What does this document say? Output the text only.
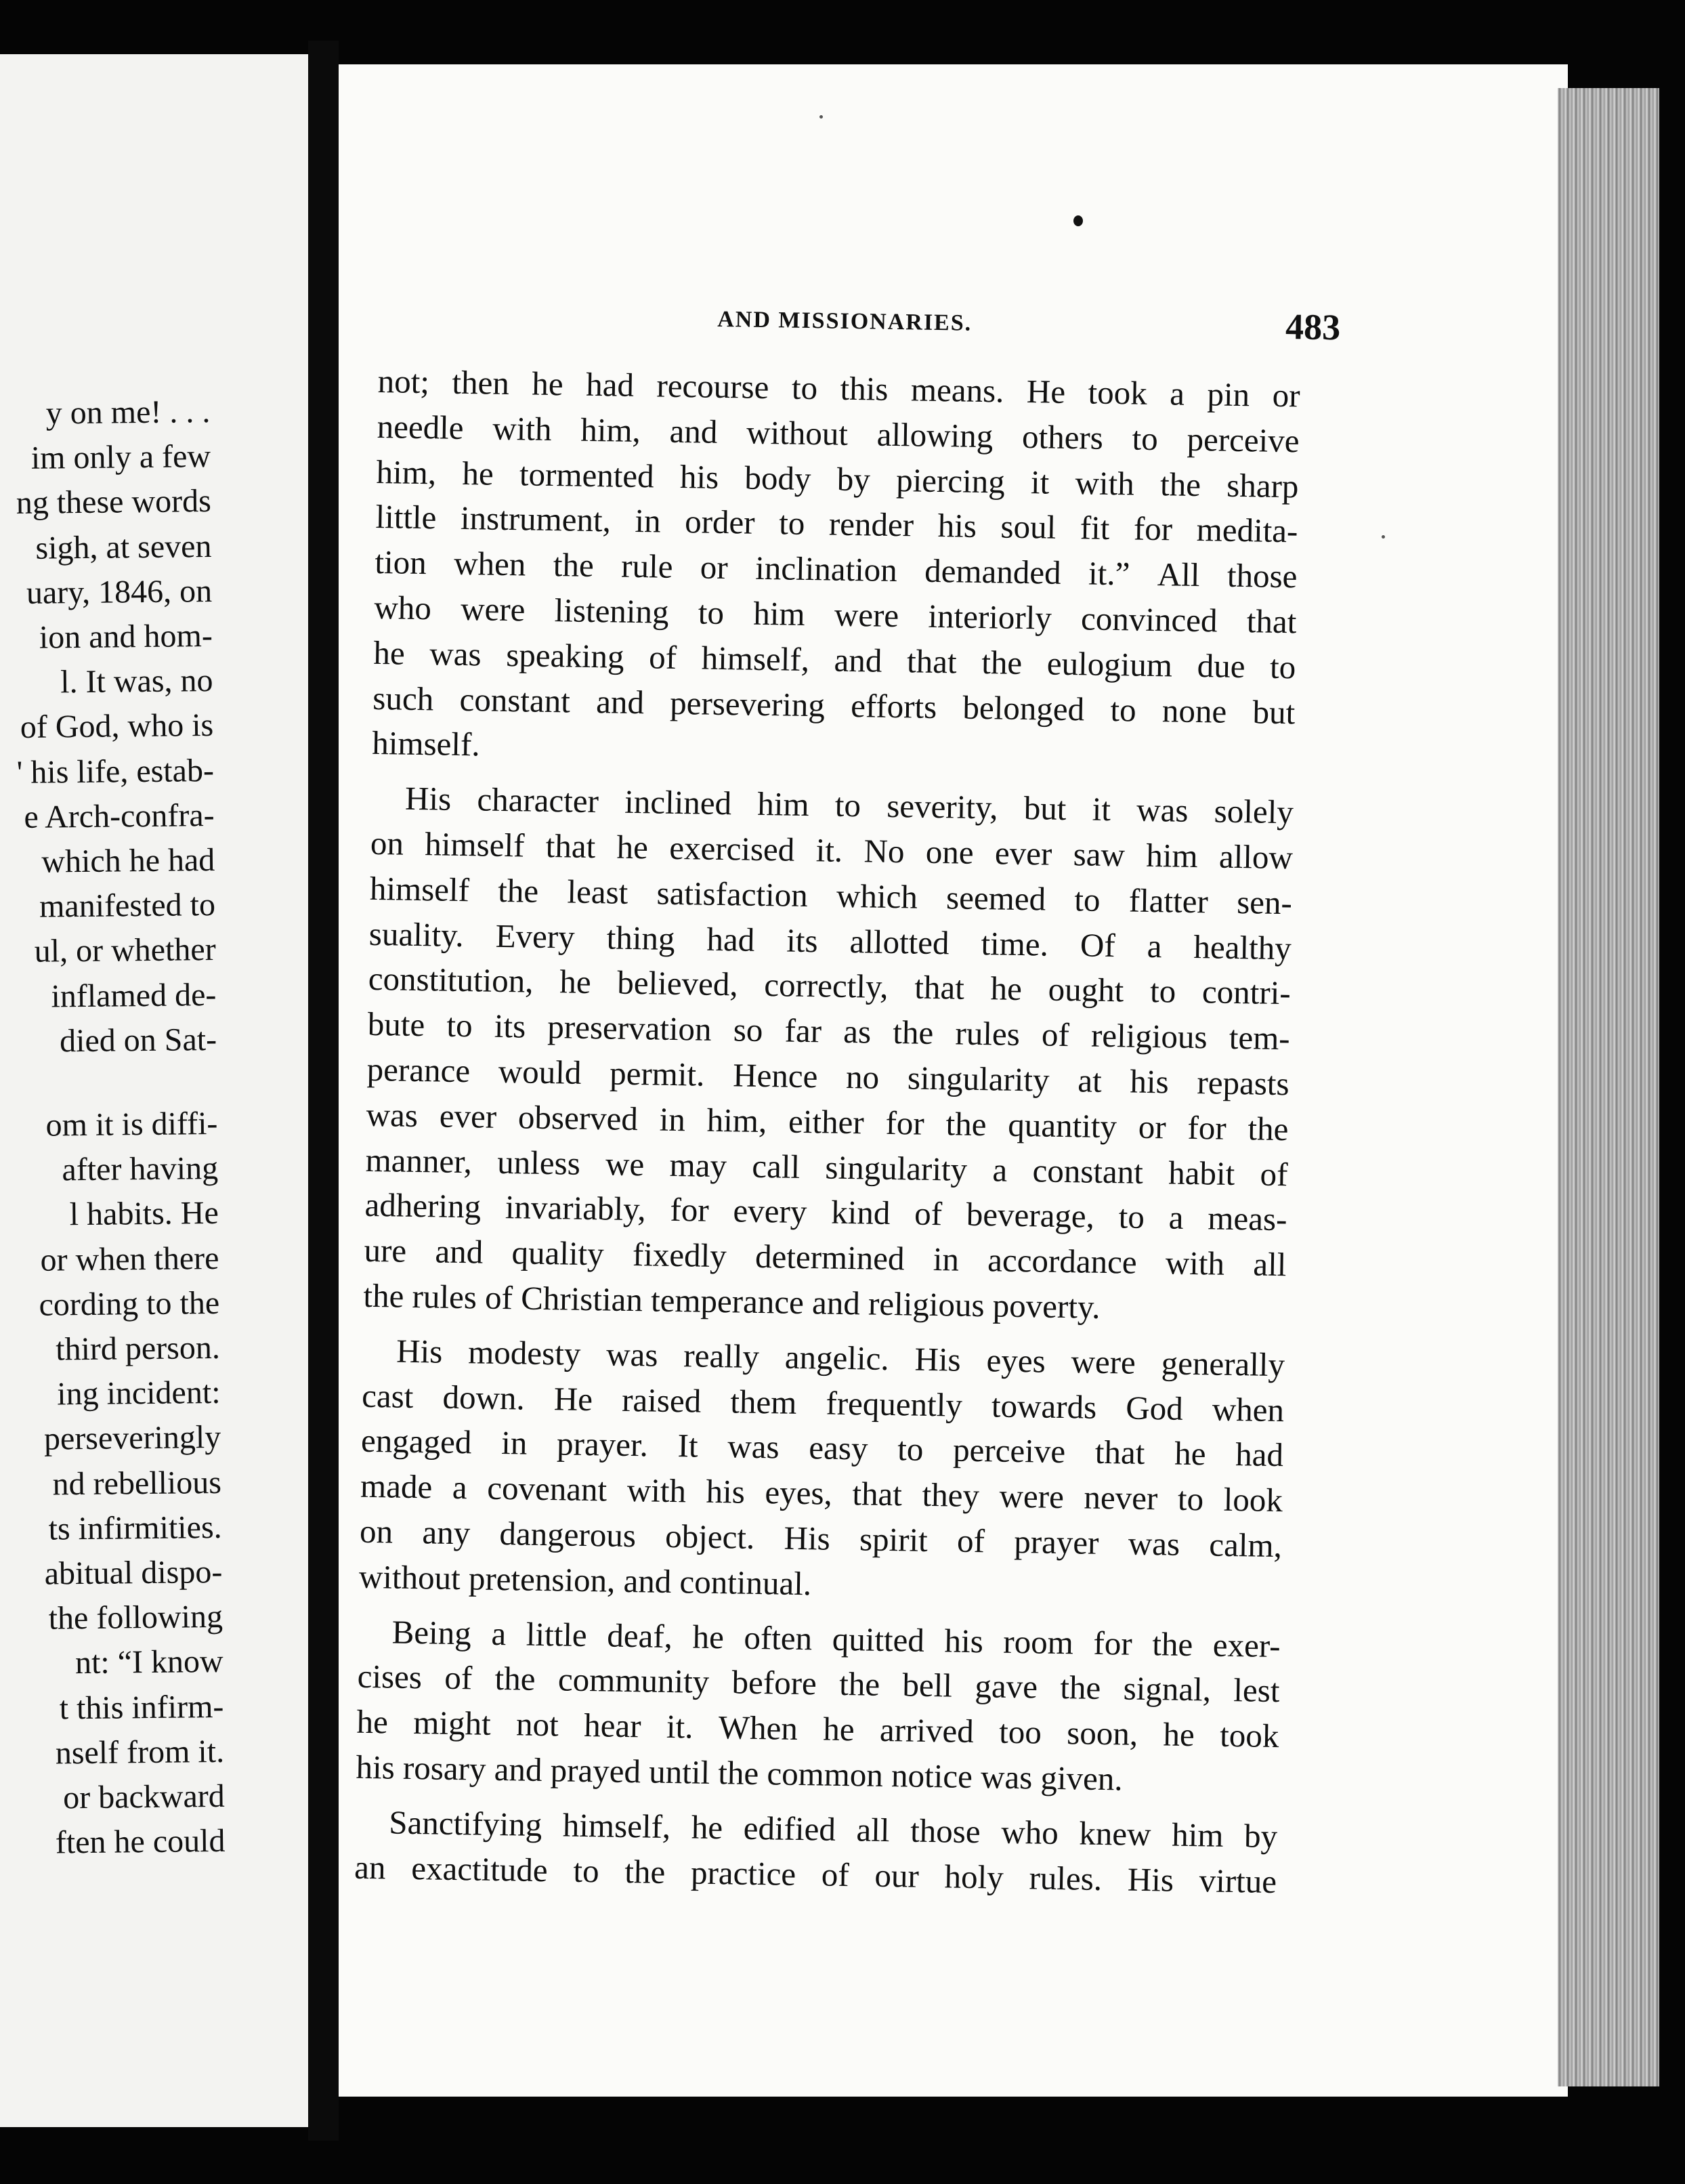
y on me! . . .
im only a few
ng these words
sigh, at seven
uary, 1846, on
ion and hom-
l. It was, no
of God, who is
' his life, estab-
e Arch-confra-
which he had
manifested to
ul, or whether
inflamed de-
died on Sat-
om it is diffi-
after having
l habits. He
or when there
cording to the
third person.
ing incident:
perseveringly
nd rebellious
ts infirmities.
abitual dispo-
the following
nt: “I know
t this infirm-
nself from it.
or backward
ften he could
AND MISSIONARIES.	483
not; then he had recourse to this means. He took a pin or
needle with him, and without allowing others to perceive
him, he tormented his body by piercing it with the sharp
little instrument, in order to render his soul fit for medita-
tion when the rule or inclination demanded it.” All those
who were listening to him were interiorly convinced that
he was speaking of himself, and that the eulogium due to
such constant and persevering efforts belonged to none but
himself.
His character inclined him to severity, but it was solely
on himself that he exercised it. No one ever saw him allow
himself the least satisfaction which seemed to flatter sen-
suality. Every thing had its allotted time. Of a healthy
constitution, he believed, correctly, that he ought to contri-
bute to its preservation so far as the rules of religious tem-
perance would permit. Hence no singularity at his repasts
was ever observed in him, either for the quantity or for the
manner, unless we may call singularity a constant habit of
adhering invariably, for every kind of beverage, to a meas-
ure and quality fixedly determined in accordance with all
the rules of Christian temperance and religious poverty.
His modesty was really angelic. His eyes were generally
cast down. He raised them frequently towards God when
engaged in prayer. It was easy to perceive that he had
made a covenant with his eyes, that they were never to look
on any dangerous object. His spirit of prayer was calm,
without pretension, and continual.
Being a little deaf, he often quitted his room for the exer-
cises of the community before the bell gave the signal, lest
he might not hear it. When he arrived too soon, he took
his rosary and prayed until the common notice was given.
Sanctifying himself, he edified all those who knew him by
an exactitude to the practice of our holy rules. His virtue
